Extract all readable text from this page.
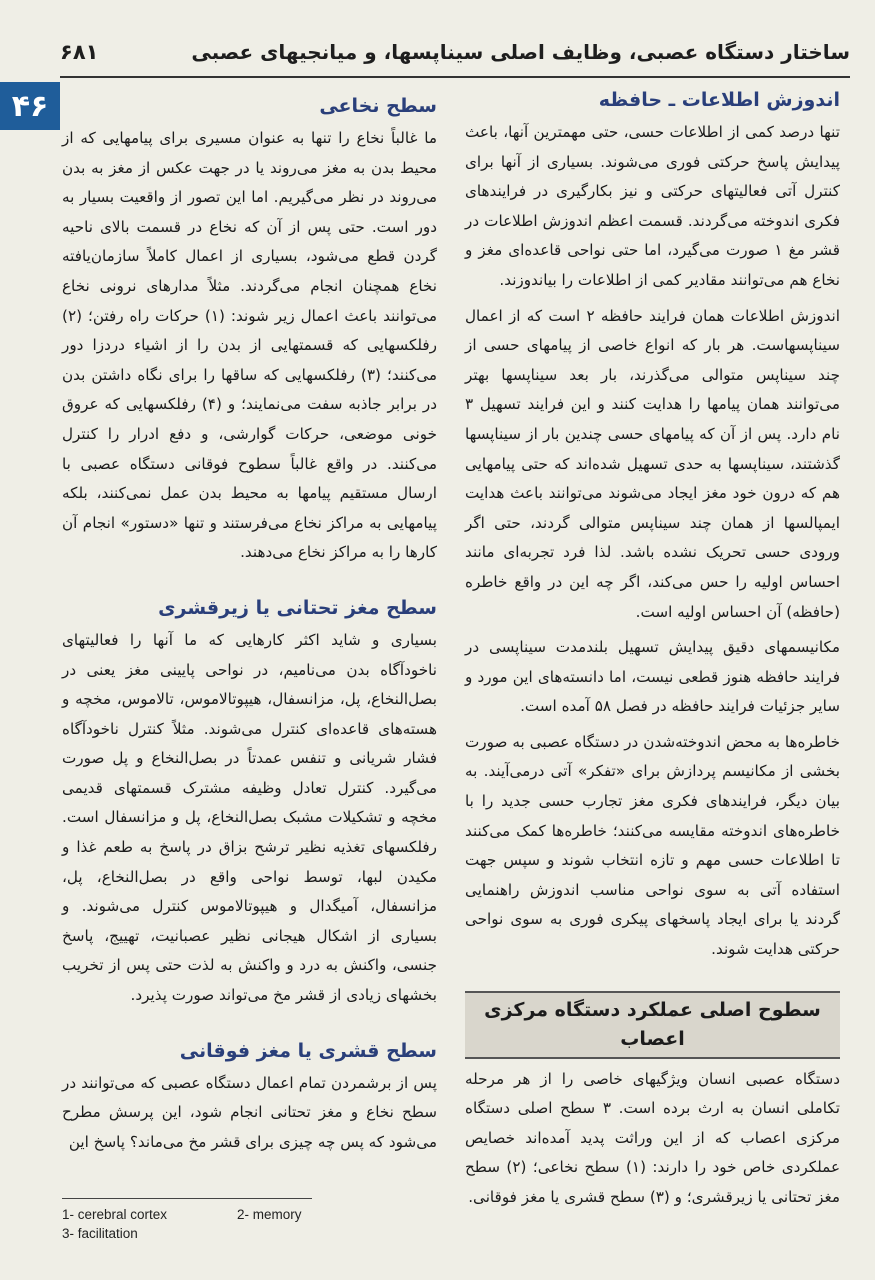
ساختار دستگاه عصبی، وظایف اصلی سیناپسها، و میانجیهای عصبی
۶۸۱
۴۶	اندوزش اطلاعات ـ حافظه

تنها درصد کمی از اطلاعات حسی، حتی مهمترین آنها، باعث پیدایش پاسخ حرکتی فوری می‌شوند. بسیاری از آنها برای کنترل آتی فعالیتهای حرکتی و نیز بکارگیری در فرایندهای فکری اندوخته می‌گردند. قسمت اعظم اندوزش اطلاعات در قشر مغ ۱ صورت می‌گیرد، اما حتی نواحی قاعده‌ای مغز و نخاع هم می‌توانند مقادیر کمی از اطلاعات را بیاندوزند.

اندوزش اطلاعات همان فرایند حافظه ۲ است که از اعمال سیناپسهاست. هر بار که انواع خاصی از پیامهای حسی از چند سیناپس متوالی می‌گذرند، بار بعد سیناپسها بهتر می‌توانند همان پیامها را هدایت کنند و این فرایند تسهیل ۳ نام دارد. پس از آن که پیامهای حسی چندین بار از سیناپسها گذشتند، سیناپسها به حدی تسهیل شده‌اند که حتی پیامهایی هم که درون خود مغز ایجاد می‌شوند می‌توانند باعث هدایت ایمپالسها از همان چند سیناپس متوالی گردند، حتی اگر ورودی حسی تحریک نشده باشد. لذا فرد تجربه‌ای مانند احساس اولیه را حس می‌کند، اگر چه این در واقع خاطره (حافظه) آن احساس اولیه است.

مکانیسمهای دقیق پیدایش تسهیل بلندمدت سیناپسی در فرایند حافظه هنوز قطعی نیست، اما دانسته‌های این مورد و سایر جزئیات فرایند حافظه در فصل ۵۸ آمده است.

خاطره‌ها به محض اندوخته‌شدن در دستگاه عصبی به صورت بخشی از مکانیسم پردازش برای «تفکر» آتی درمی‌آیند. به بیان دیگر، فرایندهای فکری مغز تجارب حسی جدید را با خاطره‌های اندوخته مقایسه می‌کنند؛ خاطره‌ها کمک می‌کنند تا اطلاعات حسی مهم و تازه انتخاب شوند و سپس جهت استفاده آتی به سوی نواحی مناسب اندوزش راهنمایی گردند یا برای ایجاد پاسخهای پیکری فوری به سوی نواحی حرکتی هدایت شوند.

سطوح اصلی عملکرد دستگاه مرکزی اعصاب

دستگاه عصبی انسان ویژگیهای خاصی را از هر مرحله تکاملی انسان به ارث برده است. ۳ سطح اصلی دستگاه مرکزی اعصاب که از این وراثت پدید آمده‌اند خصایص عملکردی خاص خود را دارند: (۱) سطح نخاعی؛ (۲) سطح مغز تحتانی یا زیرقشری؛ و (۳) سطح قشری یا مغز فوقانی.

سطح نخاعی

ما غالباً نخاع را تنها به عنوان مسیری برای پیامهایی که از محیط بدن به مغز می‌روند یا در جهت عکس از مغز به بدن می‌روند در نظر می‌گیریم. اما این تصور از واقعیت بسیار به دور است. حتی پس از آن که نخاع در قسمت بالای ناحیه گردن قطع می‌شود، بسیاری از اعمال کاملاً سازمان‌یافته نخاع همچنان انجام می‌گردند. مثلاً مدارهای نرونی نخاع می‌توانند باعث اعمال زیر شوند: (۱) حرکات راه رفتن؛ (۲) رفلکسهایی که قسمتهایی از بدن را از اشیاء دردزا دور می‌کنند؛ (۳) رفلکسهایی که ساقها را برای نگاه داشتن بدن در برابر جاذبه سفت می‌نمایند؛ و (۴) رفلکسهایی که عروق خونی موضعی، حرکات گوارشی، و دفع ادرار را کنترل می‌کنند. در واقع غالباً سطوح فوقانی دستگاه عصبی با ارسال مستقیم پیامها به محیط بدن عمل نمی‌کنند، بلکه پیامهایی به مراکز نخاع می‌فرستند و تنها «دستور» انجام آن کارها را به مراکز نخاع می‌دهند.

سطح مغز تحتانی یا زیرقشری

بسیاری و شاید اکثر کارهایی که ما آنها را فعالیتهای ناخودآگاه بدن می‌نامیم، در نواحی پایینی مغز یعنی در بصل‌النخاع، پل، مزانسفال، هیپوتالاموس، تالاموس، مخچه و هسته‌های قاعده‌ای کنترل می‌شوند. مثلاً کنترل ناخودآگاه فشار شریانی و تنفس عمدتاً در بصل‌النخاع و پل صورت می‌گیرد. کنترل تعادل وظیفه مشترک قسمتهای قدیمی مخچه و تشکیلات مشبک بصل‌النخاع، پل و مزانسفال است. رفلکسهای تغذیه نظیر ترشح بزاق در پاسخ به طعم غذا و مکیدن لبها، توسط نواحی واقع در بصل‌النخاع، پل، مزانسفال، آمیگدال و هیپوتالاموس کنترل می‌شوند. و بسیاری از اشکال هیجانی نظیر عصبانیت، تهییج، پاسخ جنسی، واکنش به درد و واکنش به لذت حتی پس از تخریب بخشهای زیادی از قشر مخ می‌تواند صورت پذیرد.

سطح قشری یا مغز فوقانی

پس از برشمردن تمام اعمال دستگاه عصبی که می‌توانند در سطح نخاع و مغز تحتانی انجام شود، این پرسش مطرح می‌شود که پس چه چیزی برای قشر مخ می‌ماند؟ پاسخ این

1- cerebral cortex	2- memory
3- facilitation
